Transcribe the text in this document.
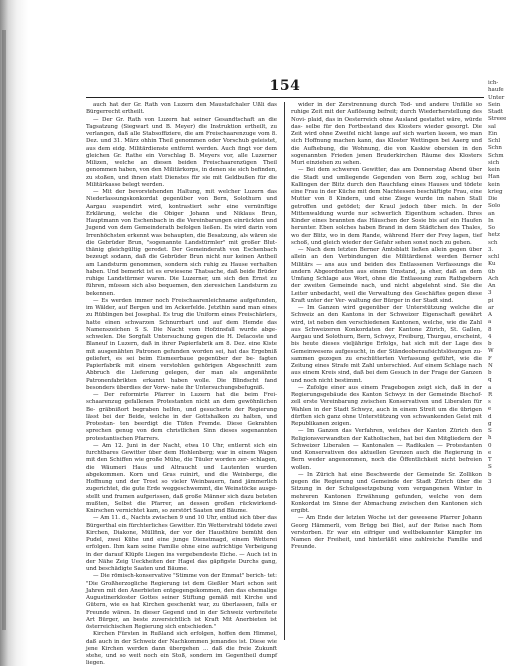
154

auch hat der Gr. Rath von Luzern den Maustafchaler Ußli das Bürgerrecht ertheilt.

— Der Gr. Rath von Luzern hat seiner Gesandtschaft an die Tagsatzung (Siegwart und B. Meyer) die Instruktion ertheilt, zu verlangen, daß alle Stabsoffiziere, die am Freischaarenzuge vom 8. Dez. und 31. März ohhin Theil genommen oder Vorschub geleistet, aus dem eidg. Militärdienste entfernt werden. Auch fingt vor dem gleichen Gr. Rathe ein Vorschlag B. Meyers vor, alle Luzerner Milizen, welche an diesen beiden Freischaarenzügen Theil genommen haben, von den Militärkorps, in denen sie sich befinden, zu stoßen, und ihnen statt Dienstes für sie mit Geldbußen für die Militärkasse belegt werden.

— Mit der bevorstehenden Haltung, mit welcher Luzern das Niederlassungskonkordat gegenüber von Bern, Solothurn und Aargau suspendirt wird, kontrastiert sehr eine vernünftige Erklärung, welche die Obiger Johann und Niklaus Brun, Hauptmann von Eschenbach in die Vereinbarungen einrückten und Jugend von dem Gemeinderath befolgen ließen. Es wird darin vom Irrenhöchsten erkennt was behaupten, die Besatzung, als wären sie die Gebrüder Brun, "sogenannte Landstürmler" mit großer Blut- thänig gleichgültig geredet. Der Gemeinderath von Eschenbach bezeugt sodann, daß die Gebrüder Brun nicht nur keinen Antheil am Landsturm genommen, sondern sich ruhig zu Hause verhalten haben. Und bemerkt ist es erwiesene Thatsache, daß beide Brüder ruhige Landstürmer waren. Die Luzerner, um sich den Ernst zu führen, müssen sich also bequemen, den zieresichen Landsturm zu bekennen.

— Es werden immer noch Freischaarenleichname aufgefunden, im Wälder, auf Bergen und im Ackerfelde. Jetzthin sand man eines zu Rüblingen bei Josephal. Es trug die Uniform eines Freischärlers, hatte einen schwarzen Schnurrbart und auf dem Hemde das Namenszeichen S S. Die Nacht vom Hofzinsfall wurde abge- schwelen. Die Sorgfalt Untersuchung gegen die H. Delacoste und Blaneuf in Luzern, daß in ihrer Papierfabrik am 8. Dez. eine Kiste mit ausgenähten Patronen gefunden worden sei, hat das Ergebniß geliefert, es sei beim Eismeerbaue gegenüber der be- fagten Papierfabrik mit einem verstohlen gehörigen Abgeschnitt zum Abbruch die Lieferung gelegen, der man als angenähnte Patronenfabrikten erkannt haben wolle. Die Blindscht fand besonders überdies der Vorw- nate ihr Untersuchungsbefugniß.

— Der reformirte Pfarrer in Luzern hat die beim Frei- schaarenzug gefallenen Protestanten nicht an dem gewöhnlichen Be- gräbnißort begraben helfen, und gesucherte der Regierung lässt bei der Beide, welche in der Gottshalkon zu halten, und Protestan- ten beerdigt die Tüfen Fremde. Diese Gekrahten sprechen genug von dem christlichen Sinn dieses sogenannten protestantischen Pfarrers.

— Am 12. Juni in der Nacht, etwa 10 Uhr, entlernt sich ein furchtbares Gewitter über dem Hohlenberg; war in einem Wagen mit den Schiffen wie große Mühe, die Tüuler worden zer- schlagen, die Wäumeri Haus und Altraucht und Lautenten wurden abgekommen. Korn und Gras ruinirt, und die Weinberge, die Hoffnung und der Trost so vieler Weinbauern, fand jämmerlich zugerichtet, die gute Erde weggeschwemmt, die Weinstöcke ausge- stellt und frumen aufgerissen, daß große Männer sich dazu beteten mußten, Selbst die Pfarrer, an dessen großen rückwirkend-Knirschen vernichtet kam, so zerstört Saaten und Bäume.

— Am 11. d., Nachts zwischen 9 und 10 Uhr, entlud sich über das Bürgerthal ein fürchterliches Gewitter. Ein Wetterstrahl tödete zwei Kirchen, Diakone, Müllfink, der vor der Hausthüre bemüht den Pudel, zwei Kühe und eine junge Dienstmagd, einem Wetterei erfolgen. Ihm kam seine Familie ohne eine aufrichtige Verbeigung in der darauf Klüpfe Liegen ins vergebendeste Eiche. — Auch ist in der Nähe Zeig Ueckheiten der Hagel das gäpfigste Durchs gang, und beschädigte Saaten und Bäume.

— Die römisch-konservative "Stimme von der Emmat" berich- tet: "Die Großherzogliche Regierung ist dem Gießler Mari schon seit Jahren mit den Anerbieten entgegengekommen, den das ehemalige Augustinerkloster Gottes seiner Stiftung gemäß mit Kirche und Gütern, wie es hat Kirchen geschenkt war, zu überlassen, falls er Freunde wären. In dieser Gegend und in der Schweiz verbreitete Art Bürger, an beste zuversichtlich ist Kraft Mit Anerbieten ist österreichischen Regierung sich entschieden."

Kirchen Fürsten in Rußland sich erfolgen, hoffen dem Himmel, daß auch in der Schweiz der Nachkommen jemandes ist. Diese wie jene Kirchen werden dann übergehen ... daß die freie Zukunft stehe, und so weit noch ein Stoß, sondern im Gegentheil dumpf liegen.

wider in der Zerstrennung durch Tod- und andere Unfälle so ruhige Zeit mit der Auflösung befreit; durch Wiederherstellung des Novi- plaid, das in Oesterreich ohne Ausland gestattet wäre, würde das- selbe für den Fortbestand des Klosters wieder gesorgt. Die Zeit wird ohne Zweifel nicht lange auf sich warten lassen, wo man sich Hoffnung machen kann, das Kloster Wettingen bei Aaerg und die Aufhebung, die Wohnung, die von Kaskiw obersien in den sogenannten Frieden jenen Bruderkirchen Räume des Klosters Muri einziehen zu sehen.

— Bei dem schweren Gewitter, das am Donnerstag Abend über die Stadt und umliegende Gegenden von Bern zog, schlug bei Kallingen der Blitz durch den Rauchfang eines Hauses und tödete eine Frau in der Küche mit dem Nachtessen beschäftigte Frau, eine Mutter von 8 Kindern, und eine Ziege wurde im nahen Stall getroffen und getödet; der Kraul jedoch über mich. In der Mittenwaldung wurde nur schwerlich Eigenthum schaden. Ihres Kinder eines brannten das Häuschen der Sosie bis auf ein Haufen herunter. Eben solches haben Brand in dem Städtchen des Thales, wo der Blitz, wo in dem Rande, während Herr der Frey lagen, tief schoß, und gleich wieder der Gefahr sehen sonst noch zu gehen.

— Nach dem letzten Berner Amtsblatt ließen allein gegen über allein an den Verbindungen die Militärdienst werden Berner Militärs — ans aus und beiden des Entlassenen Verfassungs die andern Abgeordneten aus einem Umstand, ja eher, daß an dem Umfang Schlage aus Wort, ohne die Entlassung zum Rathgebern der zweiten Gemeinde nach, und nicht abgelehnt sind. Sie die Leiter unbedacht, weil die Verwaltung des Geschäftes gegen diese Kraft unter der Ver- waltung der Bürger in der Stadt sind.

— Im Ganzen wird gegenüber der Unterstützung welche die Schweiz an den Kantons in der Schweizer Eigenschaft gewährt wird, ist neben den verschiedenen Kantonen, welche, wie die Zahl aus Schweizeren Konkordaten der Kantone Zürich, St. Gallen, Aargau und Solothurn, Bern, Schwyz, Freiburg, Thurgau, erscheint, bis heute dieses vieljährige Erfolgs, hat sich mit der Lage des Gemeinwesens aufgesucht, in der Ständeoberaufsichtslösungen zu- sammen gezogen zu erschütterten Verfassung geführt, wie die Zeitung eines Strafe mit Zahl unterschied. Auf einem Schlage nach aus einem Kreis sind, daß bei dem Gesuch in der Frage der Ganzen und noch nicht bestimmt.

— Zufolge einer aus einem Fragebogen zeigt sich, daß in der Regierungsgebäude des Kanton Schwyz in der Gemeinde Bischof- zell erste Vereinbarung zwischen Konservativen und Liberalen für Wahlen in der Stadt Schwyz, auch in einem Streit um die übrigen dürften sich ganz ohne Unterstützung von schwankenden Geist mit Republikanen zeigen.

— Im Ganzen das Verfahren, welches der Kanton Zürich den Religionsverwandten der Katholischen, hat bei den Mitgliedern der Schweizer Liberalen — Kantonalen — Radikalen — Protestanten und Konservativen des aktuellen Grenzen auch die Regierung in Bern weder angenommen, noch die Öffentlichkeit nicht befreien wollen.

— In Zürich hat eine Beschwerde der Gemeinde Sr. Zollikon gegen die Regierung und Gemeinde der Stadt Zürich über die Sitzung in der Schulgesetzgebung vom vergangenen Winter in mehreren Kantonen Erwähnung gefunden, welche von dem Konkordat im Sinne der Abmachung zwischen den Kantonen sich ergibt.

— Am Ende der letzten Woche ist der gewesene Pfarrer Johann Georg Hämmerli, vom Brügg bei Biel, auf der Reise nach Rom verstorben. Er war ein eifriger und weltbekannter Kämpfer im Namen der Freiheit, und hinterläßt eine zahlreiche Familie und Freunde.

ich-
haufe
Unter
Sein
Stadt
Streee
sal
Ein
Schl
Schn
Schm
sich
kein
Han
kein
krieg
Die
Solo
an
In
So
hetz
sch
3.
schl
Ku
üb
Ach
An
3
pi
ar
A
a
8
4
b
W
F
N
b
q
a
R
s
e
d
g
S
h
0
e
T
S
b
3
